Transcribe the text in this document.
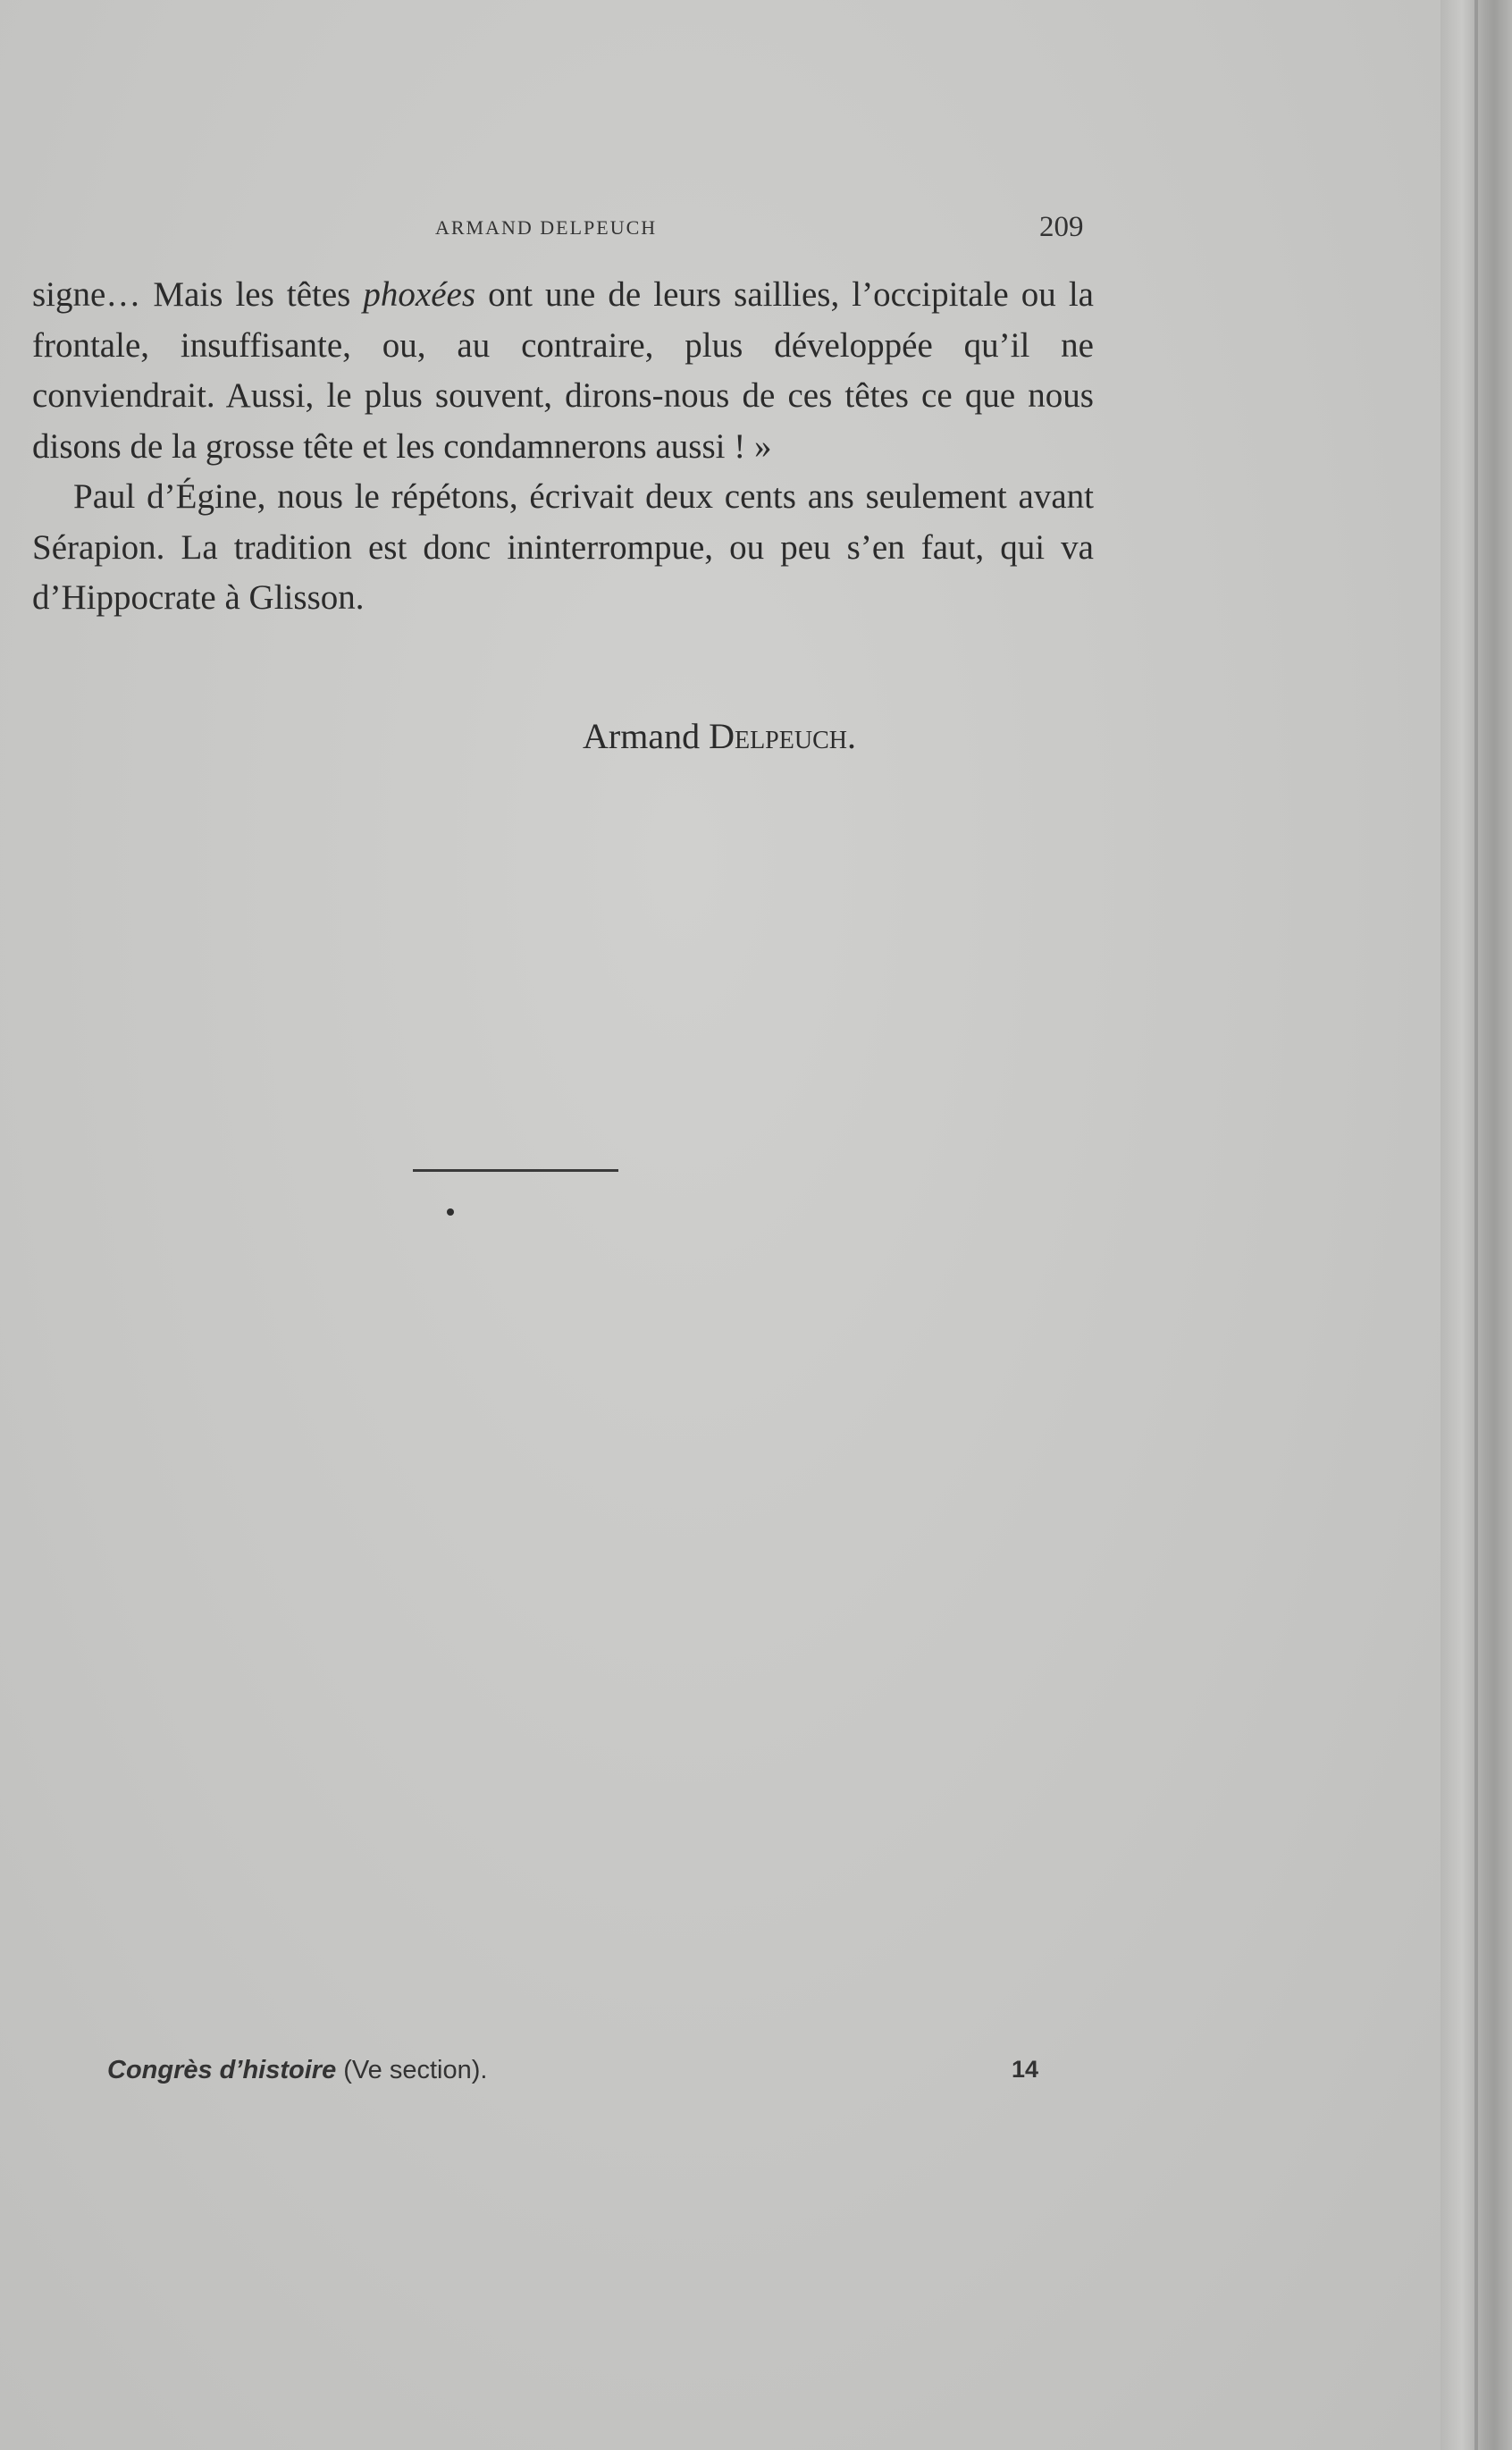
ARMAND DELPEUCH	209

signe… Mais les têtes phoxées ont une de leurs saillies, l’occipitale ou la frontale, insuffisante, ou, au contraire, plus développée qu’il ne conviendrait. Aussi, le plus souvent, dirons-nous de ces têtes ce que nous disons de la grosse tête et les condamnerons aussi ! »

Paul d’Égine, nous le répétons, écrivait deux cents ans seulement avant Sérapion. La tradition est donc ininterrompue, ou peu s’en faut, qui va d’Hippocrate à Glisson.

Armand Delpeuch.
Congrès d’histoire (Ve section).	14
